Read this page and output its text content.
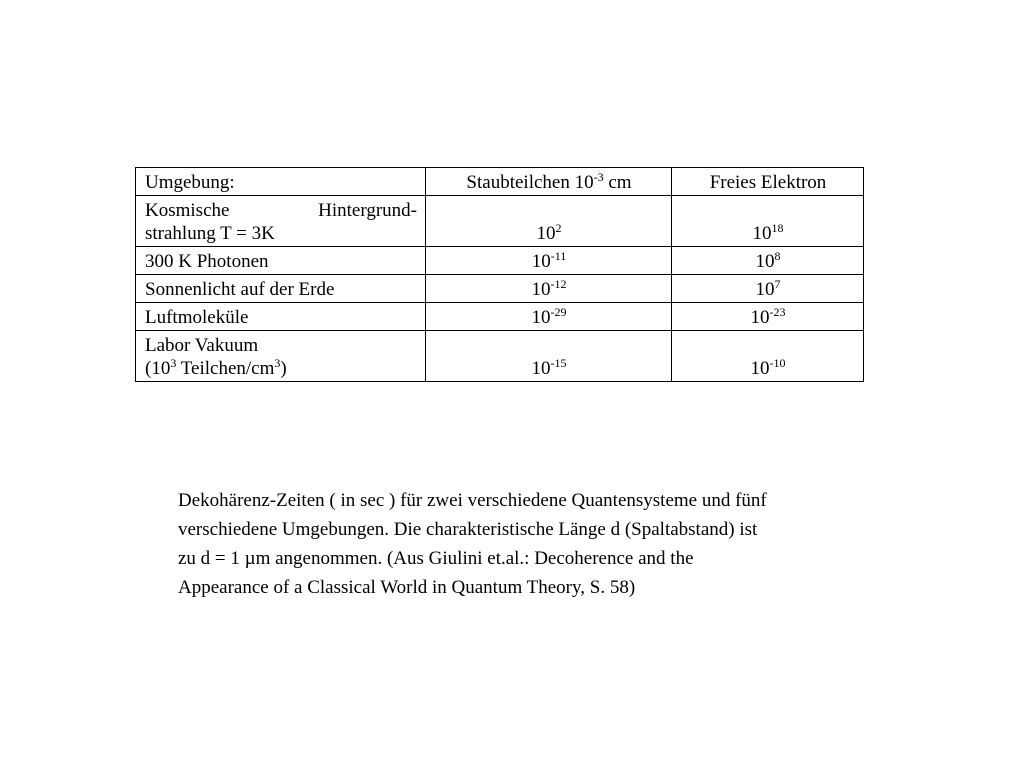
Umgebung:	Staubteilchen $10^{-3}$ cm	Freies Elektron

Kosmische Hintergrund-
strahlung T = 3K	$10^2$	$10^{18}$
300 K Photonen	$10^{-11}$	$10^8$
Sonnenlicht auf der Erde	$10^{-12}$	$10^7$
Luftmoleküle	$10^{-29}$	$10^{-23}$

Labor Vakuum
($10^3$ Teilchen/$cm^3$)	$10^{-15}$	$10^{-10}$

Dekohärenz-Zeiten ( in sec ) für zwei verschiedene Quantensysteme und fünf
verschiedene Umgebungen. Die charakteristische Länge d (Spaltabstand) ist
zu d = 1 µm angenommen. (Aus Giulini et.al.: Decoherence and the
Appearance of a Classical World in Quantum Theory, S. 58)
